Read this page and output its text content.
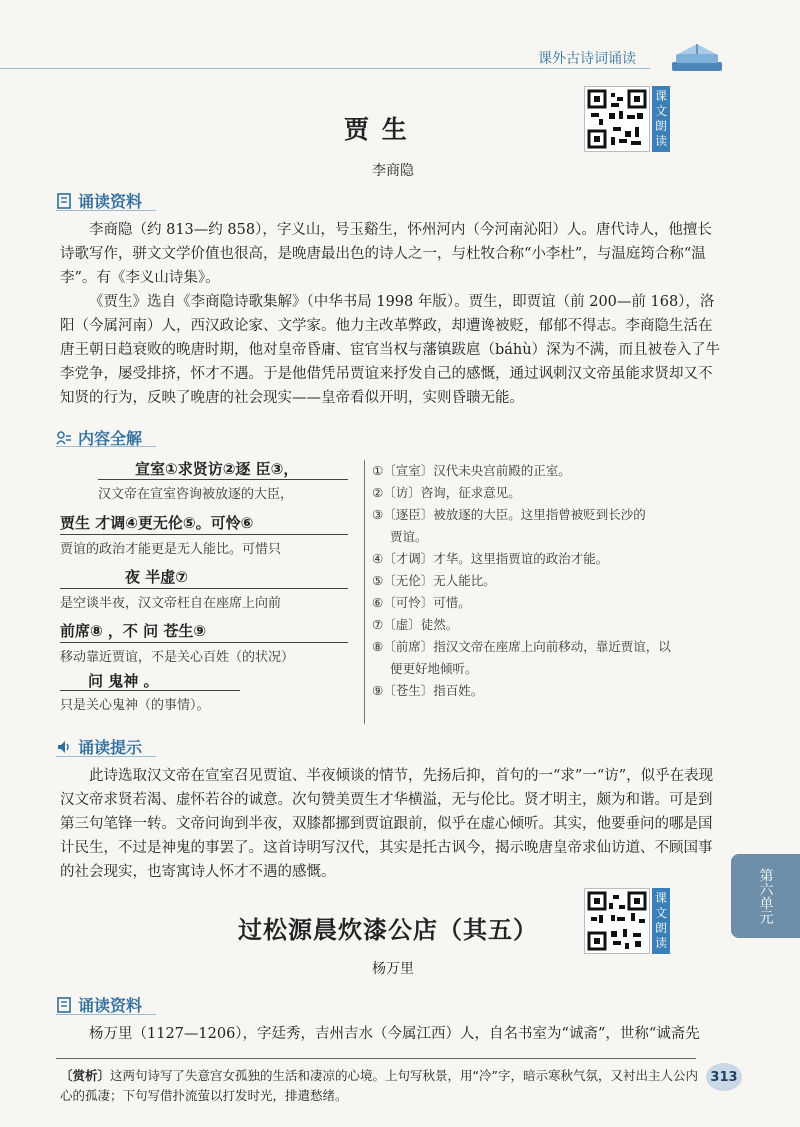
课外古诗词诵读
课
文
朗
读
贾 生
李商隐
诵读资料

李商隐（约 813—约 858），字义山，号玉谿生，怀州河内（今河南沁阳）人。唐代诗人，他擅长诗歌写作，骈文文学价值也很高，是晚唐最出色的诗人之一，与杜牧合称“小李杜”，与温庭筠合称“温李”。有《李义山诗集》。

《贾生》选自《李商隐诗歌集解》（中华书局 1998 年版）。贾生，即贾谊（前 200—前 168），洛阳（今属河南）人，西汉政论家、文学家。他力主改革弊政，却遭谗被贬，郁郁不得志。李商隐生活在唐王朝日趋衰败的晚唐时期，他对皇帝昏庸、宦官当权与藩镇跋扈（báhù）深为不满，而且被卷入了牛李党争，屡受排挤，怀才不遇。于是他借凭吊贾谊来抒发自己的感慨，通过讽刺汉文帝虽能求贤却又不知贤的行为，反映了晚唐的社会现实——皇帝看似开明，实则昏聩无能。

内容全解
宣室①求贤访②逐 臣③，
汉文帝在宣室咨询被放逐的大臣，
贾生 才调④更无伦⑤。可怜⑥
贾谊的政治才能更是无人能比。可惜只
夜 半虚⑦
是空谈半夜，汉文帝枉自在座席上向前
前席⑧ ，不 问 苍生⑨
移动靠近贾谊，不是关心百姓（的状况）
问 鬼神 。
只是关心鬼神（的事情）。
①〔宣室〕汉代未央宫前殿的正室。
②〔访〕咨询，征求意见。
③〔逐臣〕被放逐的大臣。这里指曾被贬到长沙的
贾谊。
④〔才调〕才华。这里指贾谊的政治才能。
⑤〔无伦〕无人能比。
⑥〔可怜〕可惜。
⑦〔虚〕徒然。
⑧〔前席〕指汉文帝在座席上向前移动，靠近贾谊，以
便更好地倾听。
⑨〔苍生〕指百姓。
诵读提示

此诗选取汉文帝在宣室召见贾谊、半夜倾谈的情节，先扬后抑，首句的一“求”一“访”，似乎在表现汉文帝求贤若渴、虚怀若谷的诚意。次句赞美贾生才华横溢，无与伦比。贤才明主，颇为和谐。可是到第三句笔锋一转。文帝问询到半夜，双膝都挪到贾谊跟前，似乎在虚心倾听。其实，他要垂问的哪是国计民生，不过是神鬼的事罢了。这首诗明写汉代，其实是托古讽今，揭示晚唐皇帝求仙访道、不顾国事的社会现实，也寄寓诗人怀才不遇的感慨。	第六单元
课
文
朗
读
过松源晨炊漆公店（其五）
杨万里
诵读资料

杨万里（1127—1206），字廷秀，吉州吉水（今属江西）人，自名书室为“诚斋”，世称“诚斋先

〔赏析〕这两句诗写了失意宫女孤独的生活和凄凉的心境。上句写秋景，用“冷”字，暗示寒秋气氛，又衬出主人公内心的孤凄；下句写借扑流萤以打发时光，排遣愁绪。
313
